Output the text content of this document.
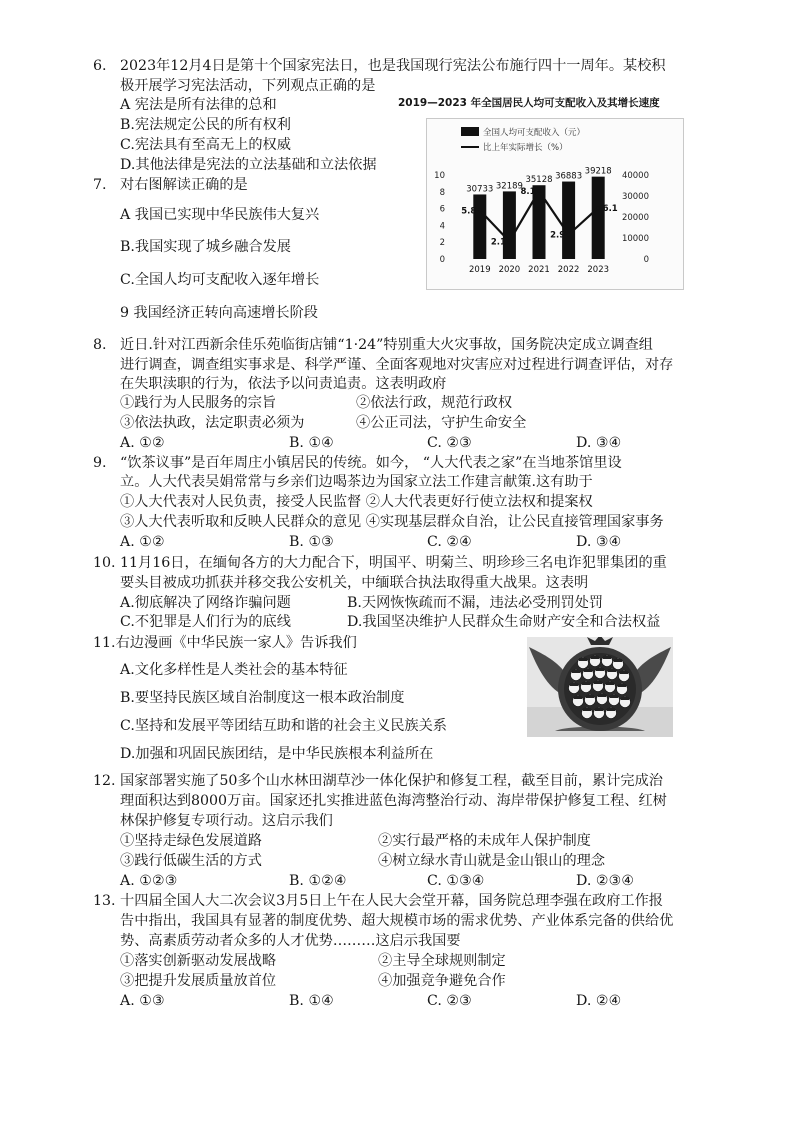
6. 2023年12月4日是第十个国家宪法日，也是我国现行宪法公布施行四十一周年。某校积
极开展学习宪法活动，下列观点正确的是
A 宪法是所有法律的总和
B.宪法规定公民的所有权利
C.宪法具有至高无上的权威
D.其他法律是宪法的立法基础和立法依据
2019—2023 年全国居民人均可支配收入及其增长速度
全国人均可支配收入（元）
比上年实际增长（%）
0
2
4
6
8
10
0
10000
20000
30000
40000
30733
2019
32189
2020
35128
2021
36883
2022
39218
2023
5.8
2.1
8.1
2.9
6.1
7. 对右图解读正确的是
A 我国已实现中华民族伟大复兴
B.我国实现了城乡融合发展
C.全国人均可支配收入逐年增长
9 我国经济正转向高速增长阶段
8. 近日.针对江西新余佳乐苑临街店铺“1·24”特别重大火灾事故，国务院决定成立调查组
进行调查，调查组实事求是、科学严谨、全面客观地对灾害应对过程进行调查评估，对存
在失职渎职的行为，依法予以问责追责。这表明政府
①践行为人民服务的宗旨	②依法行政，规范行政权
③依法执政，法定职责必须为	④公正司法，守护生命安全
A. ①②	B. ①④	C. ②③	D. ③④
9. “饮茶议事”是百年周庄小镇居民的传统。如今， “人大代表之家”在当地茶馆里设
立。人大代表吴娟常常与乡亲们边喝茶边为国家立法工作建言献策.这有助于
①人大代表对人民负责，接受人民监督 ②人大代表更好行使立法权和提案权
③人大代表听取和反映人民群众的意见 ④实现基层群众自治，让公民直接管理国家事务
A. ①②	B. ①③	C. ②④	D. ③④
10. 11月16日，在缅甸各方的大力配合下，明国平、明菊兰、明珍珍三名电诈犯罪集团的重
要头目被成功抓获并移交我公安机关，中缅联合执法取得重大战果。这表明
A.彻底解决了网络诈骗问题	B.天网恢恢疏而不漏，违法必受刑罚处罚
C.不犯罪是人们行为的底线	D.我国坚决维护人民群众生命财产安全和合法权益
11.右边漫画《中华民族一家人》告诉我们
A.文化多样性是人类社会的基本特征
B.要坚持民族区域自治制度这一根本政治制度
C.坚持和发展平等团结互助和谐的社会主义民族关系
D.加强和巩固民族团结，是中华民族根本利益所在
12. 国家部署实施了50多个山水林田湖草沙一体化保护和修复工程，截至目前，累计完成治
理面积达到8000万亩。国家还扎实推进蓝色海湾整治行动、海岸带保护修复工程、红树
林保护修复专项行动。这启示我们
①坚持走绿色发展道路	②实行最严格的未成年人保护制度
③践行低碳生活的方式	④树立绿水青山就是金山银山的理念
A. ①②③	B. ①②④	C. ①③④	D. ②③④
13. 十四届全国人大二次会议3月5日上午在人民大会堂开幕，国务院总理李强在政府工作报
告中指出，我国具有显著的制度优势、超大规模市场的需求优势、产业体系完备的供给优
势、高素质劳动者众多的人才优势………这启示我国要
①落实创新驱动发展战略	②主导全球规则制定
③把提升发展质量放首位	④加强竞争避免合作
A. ①③	B. ①④	C. ②③	D. ②④
